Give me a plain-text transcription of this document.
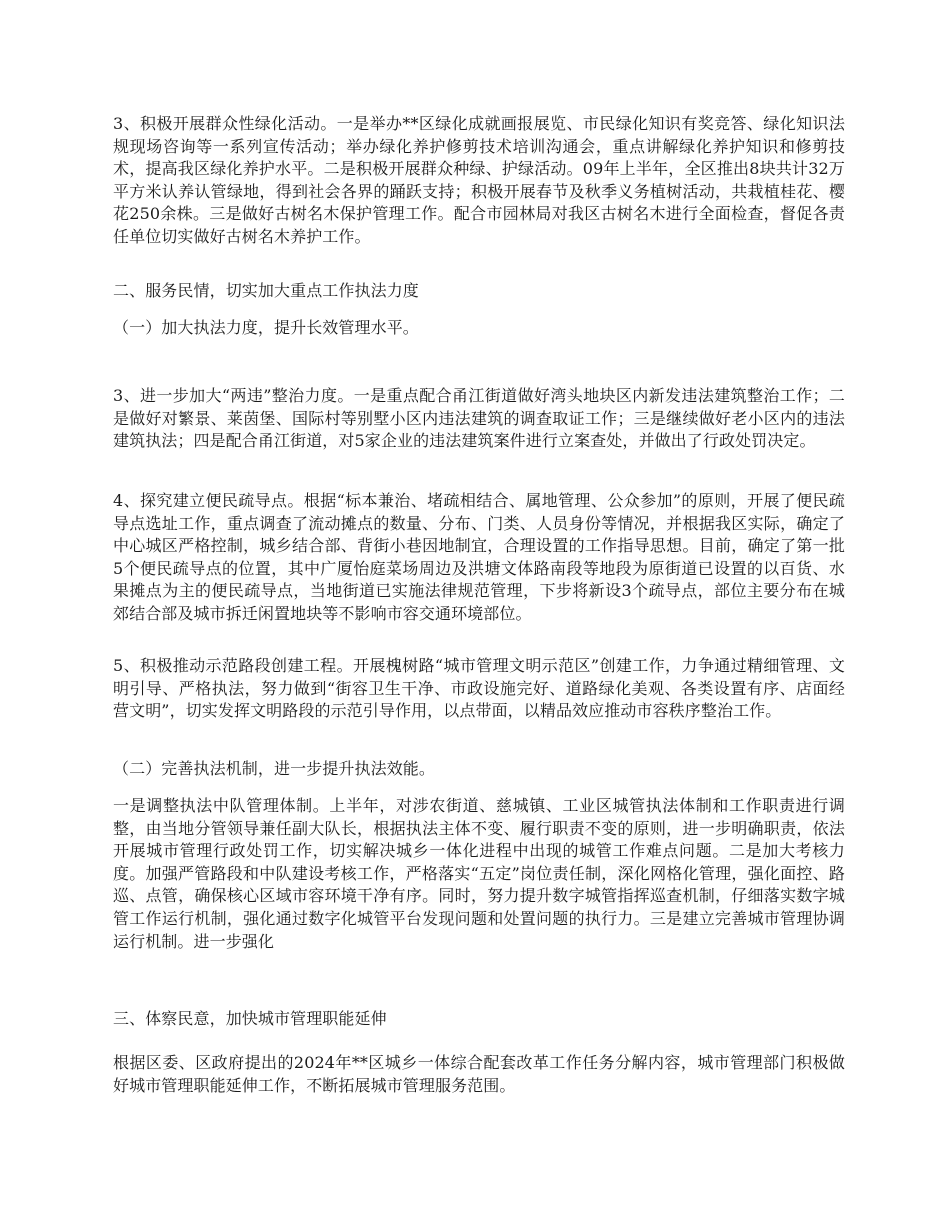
3、积极开展群众性绿化活动。一是举办**区绿化成就画报展览、市民绿化知识有奖竞答、绿化知识法规现场咨询等一系列宣传活动；举办绿化养护修剪技术培训沟通会，重点讲解绿化养护知识和修剪技术，提高我区绿化养护水平。二是积极开展群众种绿、护绿活动。09年上半年，全区推出8块共计32万平方米认养认管绿地，得到社会各界的踊跃支持；积极开展春节及秋季义务植树活动，共栽植桂花、樱花250余株。三是做好古树名木保护管理工作。配合市园林局对我区古树名木进行全面检查，督促各责任单位切实做好古树名木养护工作。

二、服务民情，切实加大重点工作执法力度

（一）加大执法力度，提升长效管理水平。

3、进一步加大“两违”整治力度。一是重点配合甬江街道做好湾头地块区内新发违法建筑整治工作；二是做好对繁景、莱茵堡、国际村等别墅小区内违法建筑的调查取证工作；三是继续做好老小区内的违法建筑执法；四是配合甬江街道，对5家企业的违法建筑案件进行立案查处，并做出了行政处罚决定。

4、探究建立便民疏导点。根据“标本兼治、堵疏相结合、属地管理、公众参加”的原则，开展了便民疏导点选址工作，重点调查了流动摊点的数量、分布、门类、人员身份等情况，并根据我区实际，确定了中心城区严格控制，城乡结合部、背街小巷因地制宜，合理设置的工作指导思想。目前，确定了第一批5个便民疏导点的位置，其中广厦怡庭菜场周边及洪塘文体路南段等地段为原街道已设置的以百货、水果摊点为主的便民疏导点，当地街道已实施法律规范管理，下步将新设3个疏导点，部位主要分布在城郊结合部及城市拆迁闲置地块等不影响市容交通环境部位。

5、积极推动示范路段创建工程。开展槐树路“城市管理文明示范区”创建工作，力争通过精细管理、文明引导、严格执法，努力做到“街容卫生干净、市政设施完好、道路绿化美观、各类设置有序、店面经营文明”，切实发挥文明路段的示范引导作用，以点带面，以精品效应推动市容秩序整治工作。

（二）完善执法机制，进一步提升执法效能。

一是调整执法中队管理体制。上半年，对涉农街道、慈城镇、工业区城管执法体制和工作职责进行调整，由当地分管领导兼任副大队长，根据执法主体不变、履行职责不变的原则，进一步明确职责，依法开展城市管理行政处罚工作，切实解决城乡一体化进程中出现的城管工作难点问题。二是加大考核力度。加强严管路段和中队建设考核工作，严格落实“五定”岗位责任制，深化网格化管理，强化面控、路巡、点管，确保核心区域市容环境干净有序。同时，努力提升数字城管指挥巡查机制，仔细落实数字城管工作运行机制，强化通过数字化城管平台发现问题和处置问题的执行力。三是建立完善城市管理协调运行机制。进一步强化

三、体察民意，加快城市管理职能延伸

根据区委、区政府提出的2024年**区城乡一体综合配套改革工作任务分解内容，城市管理部门积极做好城市管理职能延伸工作，不断拓展城市管理服务范围。
